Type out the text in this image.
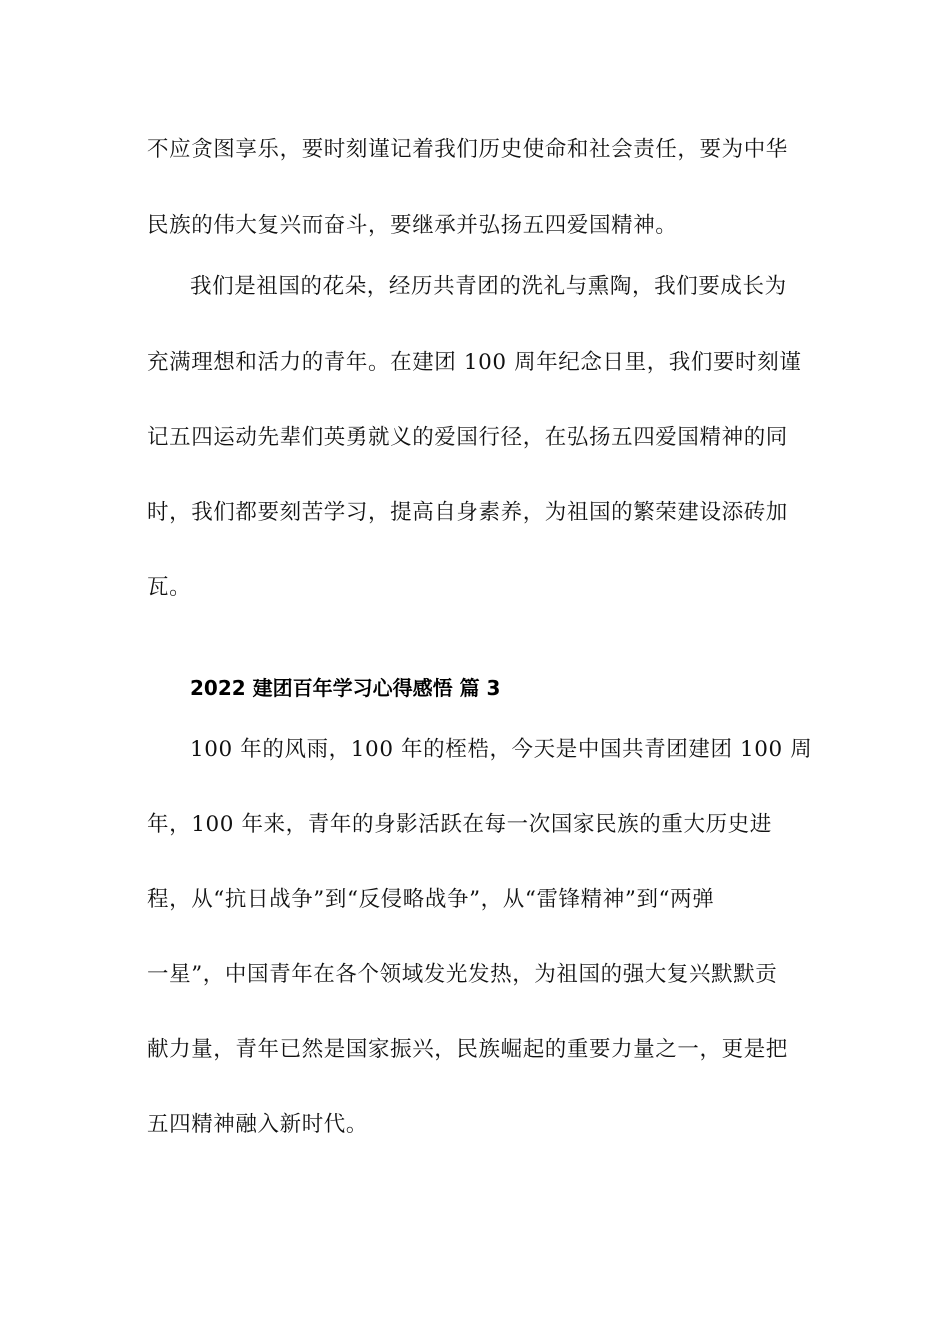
不应贪图享乐，要时刻谨记着我们历史使命和社会责任，要为中华

民族的伟大复兴而奋斗，要继承并弘扬五四爱国精神。

我们是祖国的花朵，经历共青团的洗礼与熏陶，我们要成长为

充满理想和活力的青年。在建团 100 周年纪念日里，我们要时刻谨

记五四运动先辈们英勇就义的爱国行径，在弘扬五四爱国精神的同

时，我们都要刻苦学习，提高自身素养，为祖国的繁荣建设添砖加

瓦。

2022 建团百年学习心得感悟 篇 3

100 年的风雨，100 年的桎梏，今天是中国共青团建团 100 周

年，100 年来，青年的身影活跃在每一次国家民族的重大历史进

程，从“抗日战争”到“反侵略战争”，从“雷锋精神”到“两弹

一星”，中国青年在各个领域发光发热，为祖国的强大复兴默默贡

献力量，青年已然是国家振兴，民族崛起的重要力量之一，更是把

五四精神融入新时代。
